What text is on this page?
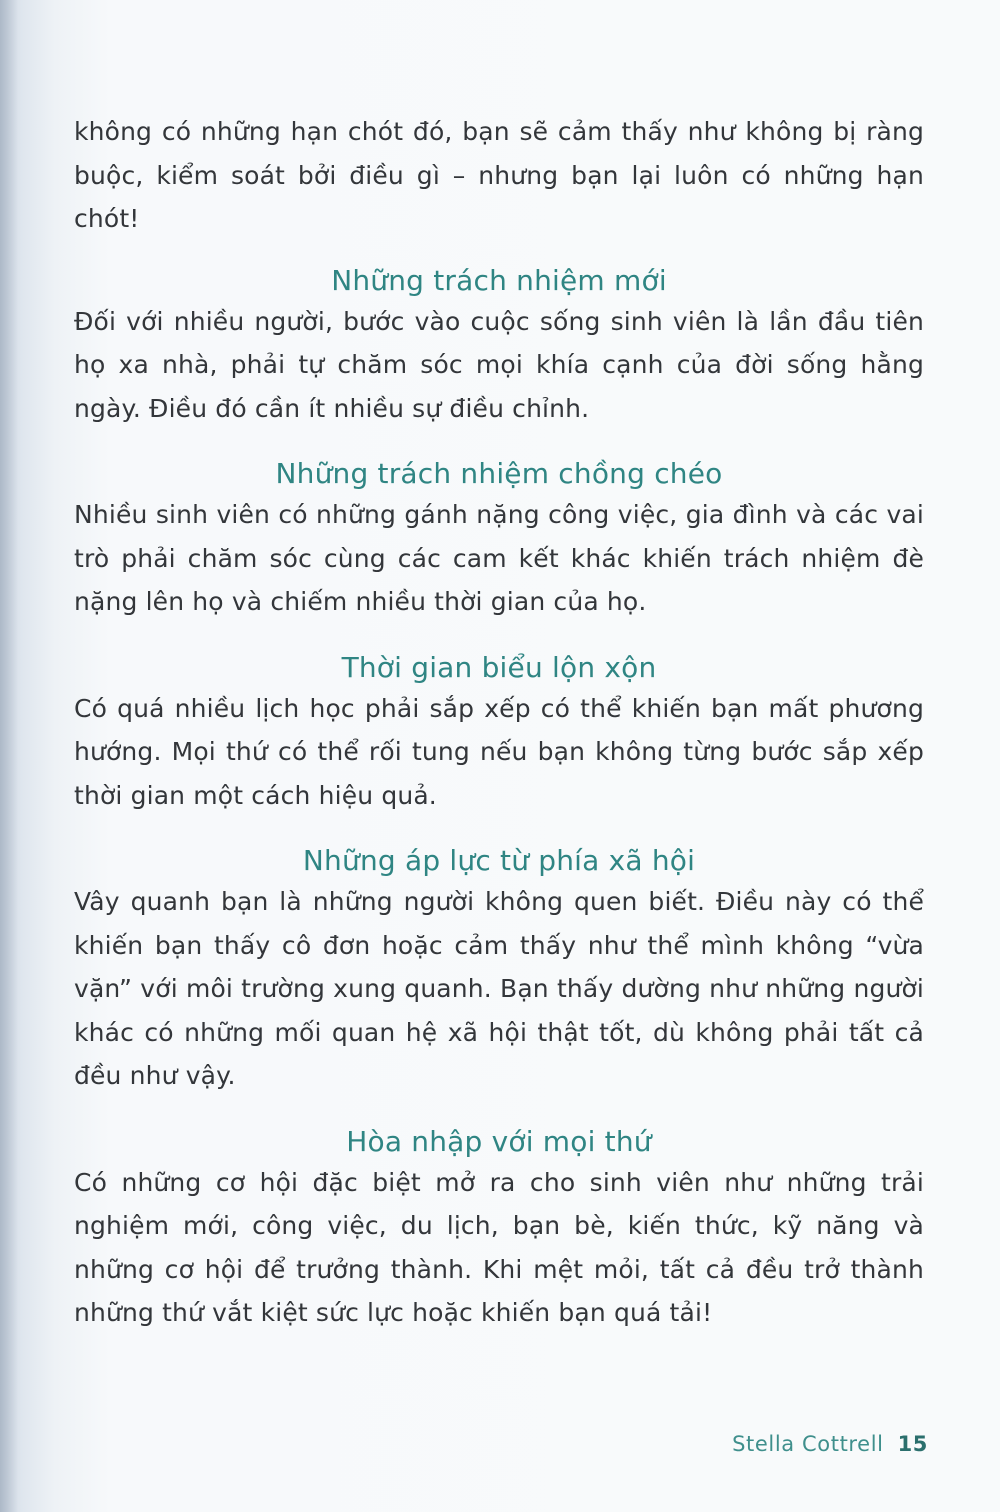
không có những hạn chót đó, bạn sẽ cảm thấy như không bị ràng buộc, kiểm soát bởi điều gì – nhưng bạn lại luôn có những hạn chót!

Những trách nhiệm mới

Đối với nhiều người, bước vào cuộc sống sinh viên là lần đầu tiên họ xa nhà, phải tự chăm sóc mọi khía cạnh của đời sống hằng ngày. Điều đó cần ít nhiều sự điều chỉnh.

Những trách nhiệm chồng chéo

Nhiều sinh viên có những gánh nặng công việc, gia đình và các vai trò phải chăm sóc cùng các cam kết khác khiến trách nhiệm đè nặng lên họ và chiếm nhiều thời gian của họ.

Thời gian biểu lộn xộn

Có quá nhiều lịch học phải sắp xếp có thể khiến bạn mất phương hướng. Mọi thứ có thể rối tung nếu bạn không từng bước sắp xếp thời gian một cách hiệu quả.

Những áp lực từ phía xã hội

Vây quanh bạn là những người không quen biết. Điều này có thể khiến bạn thấy cô đơn hoặc cảm thấy như thể mình không “vừa vặn” với môi trường xung quanh. Bạn thấy dường như những người khác có những mối quan hệ xã hội thật tốt, dù không phải tất cả đều như vậy.

Hòa nhập với mọi thứ

Có những cơ hội đặc biệt mở ra cho sinh viên như những trải nghiệm mới, công việc, du lịch, bạn bè, kiến thức, kỹ năng và những cơ hội để trưởng thành. Khi mệt mỏi, tất cả đều trở thành những thứ vắt kiệt sức lực hoặc khiến bạn quá tải!

Stella Cottrell 15
